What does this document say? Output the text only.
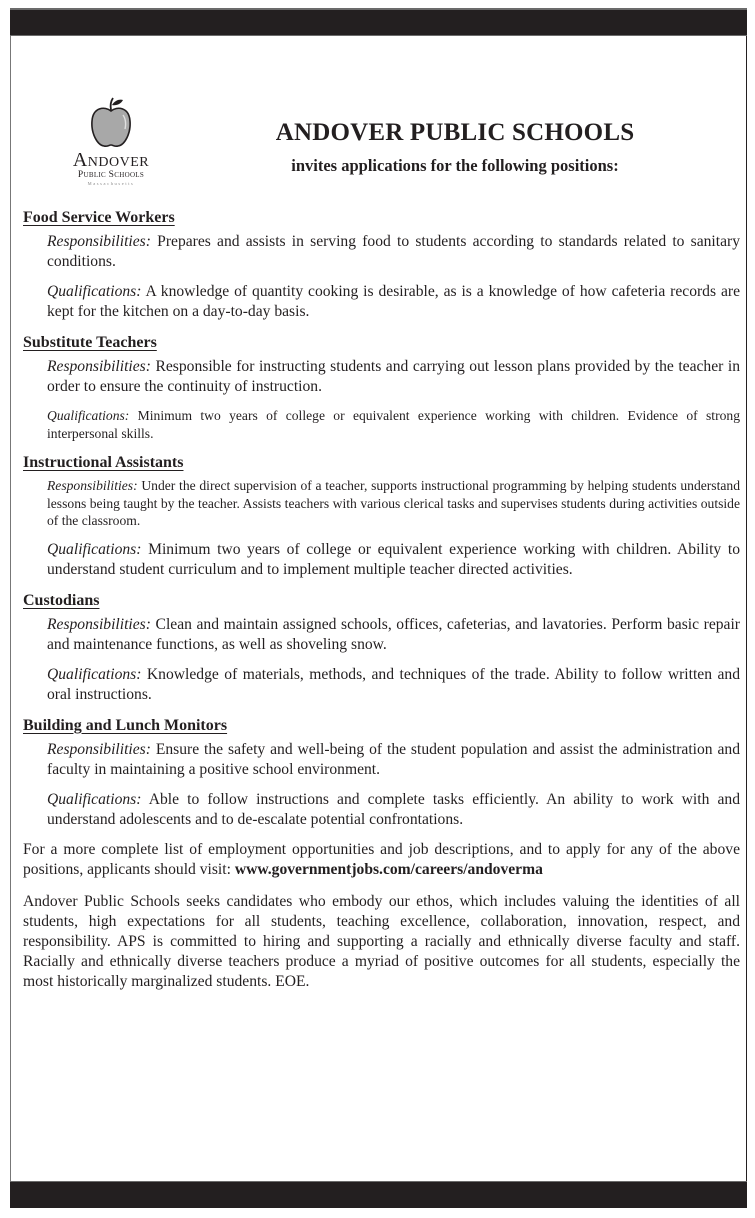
Andover
Public Schools
Massachusetts
ANDOVER PUBLIC SCHOOLS
invites applications for the following positions:
Food Service Workers
Responsibilities: Prepares and assists in serving food to students according to standards related to sanitary conditions.
Qualifications: A knowledge of quantity cooking is desirable, as is a knowledge of how cafeteria records are kept for the kitchen on a day-to-day basis.
Substitute Teachers
Responsibilities: Responsible for instructing students and carrying out lesson plans provided by the teacher in order to ensure the continuity of instruction.
Qualifications: Minimum two years of college or equivalent experience working with children. Evidence of strong interpersonal skills.
Instructional Assistants
Responsibilities: Under the direct supervision of a teacher, supports instructional programming by helping students understand lessons being taught by the teacher. Assists teachers with various clerical tasks and supervises students during activities outside of the classroom.
Qualifications: Minimum two years of college or equivalent experience working with children. Ability to understand student curriculum and to implement multiple teacher directed activities.
Custodians
Responsibilities: Clean and maintain assigned schools, offices, cafeterias, and lavatories. Perform basic repair and maintenance functions, as well as shoveling snow.
Qualifications: Knowledge of materials, methods, and techniques of the trade. Ability to follow written and oral instructions.
Building and Lunch Monitors
Responsibilities: Ensure the safety and well-being of the student population and assist the administration and faculty in maintaining a positive school environment.
Qualifications: Able to follow instructions and complete tasks efficiently. An ability to work with and understand adolescents and to de-escalate potential confrontations.
For a more complete list of employment opportunities and job descriptions, and to apply for any of the above positions, applicants should visit: www.governmentjobs.com/careers/andoverma
Andover Public Schools seeks candidates who embody our ethos, which includes valuing the identities of all students, high expectations for all students, teaching excellence, collaboration, innovation, respect, and responsibility. APS is committed to hiring and supporting a racially and ethnically diverse faculty and staff. Racially and ethnically diverse teachers produce a myriad of positive outcomes for all students, especially the most historically marginalized students. EOE.
